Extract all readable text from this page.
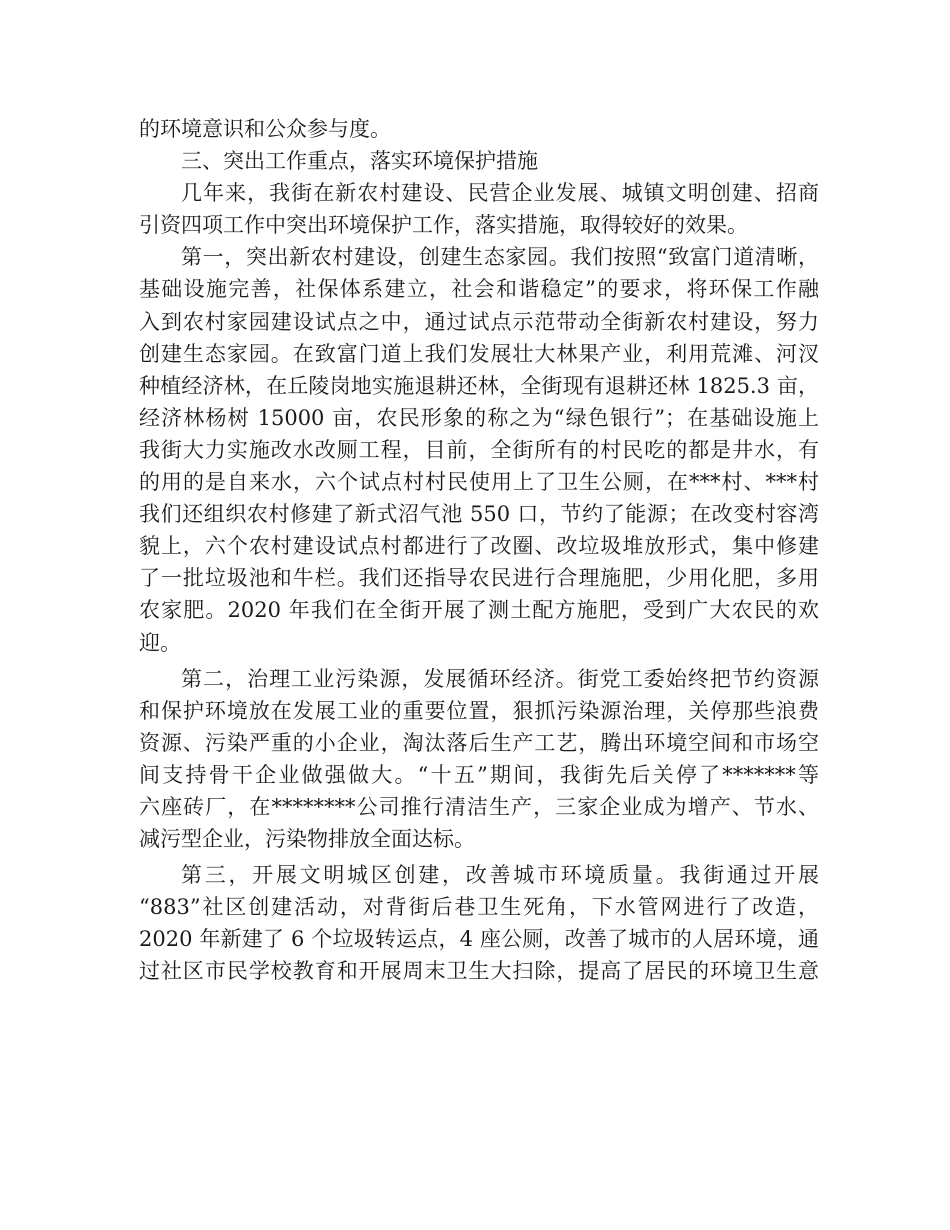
的环境意识和公众参与度。
三、突出工作重点，落实环境保护措施
几年来，我街在新农村建设、民营企业发展、城镇文明创建、招商
引资四项工作中突出环境保护工作，落实措施，取得较好的效果。
第一，突出新农村建设，创建生态家园。我们按照“致富门道清晰，
基础设施完善，社保体系建立，社会和谐稳定”的要求，将环保工作融
入到农村家园建设试点之中，通过试点示范带动全街新农村建设，努力
创建生态家园。在致富门道上我们发展壮大林果产业，利用荒滩、河汊
种植经济林，在丘陵岗地实施退耕还林，全街现有退耕还林 1825.3 亩，
经济林杨树 15000 亩，农民形象的称之为“绿色银行”；在基础设施上
我街大力实施改水改厕工程，目前，全街所有的村民吃的都是井水，有
的用的是自来水，六个试点村村民使用上了卫生公厕，在***村、***村
我们还组织农村修建了新式沼气池 550 口，节约了能源；在改变村容湾
貌上，六个农村建设试点村都进行了改圈、改垃圾堆放形式，集中修建
了一批垃圾池和牛栏。我们还指导农民进行合理施肥，少用化肥，多用
农家肥。2020 年我们在全街开展了测土配方施肥，受到广大农民的欢
迎。
第二，治理工业污染源，发展循环经济。街党工委始终把节约资源
和保护环境放在发展工业的重要位置，狠抓污染源治理，关停那些浪费
资源、污染严重的小企业，淘汰落后生产工艺，腾出环境空间和市场空
间支持骨干企业做强做大。“十五”期间，我街先后关停了*******等
六座砖厂，在********公司推行清洁生产，三家企业成为增产、节水、
减污型企业，污染物排放全面达标。
第三，开展文明城区创建，改善城市环境质量。我街通过开展
“883”社区创建活动，对背街后巷卫生死角，下水管网进行了改造，
2020 年新建了 6 个垃圾转运点，4 座公厕，改善了城市的人居环境，通
过社区市民学校教育和开展周末卫生大扫除，提高了居民的环境卫生意
